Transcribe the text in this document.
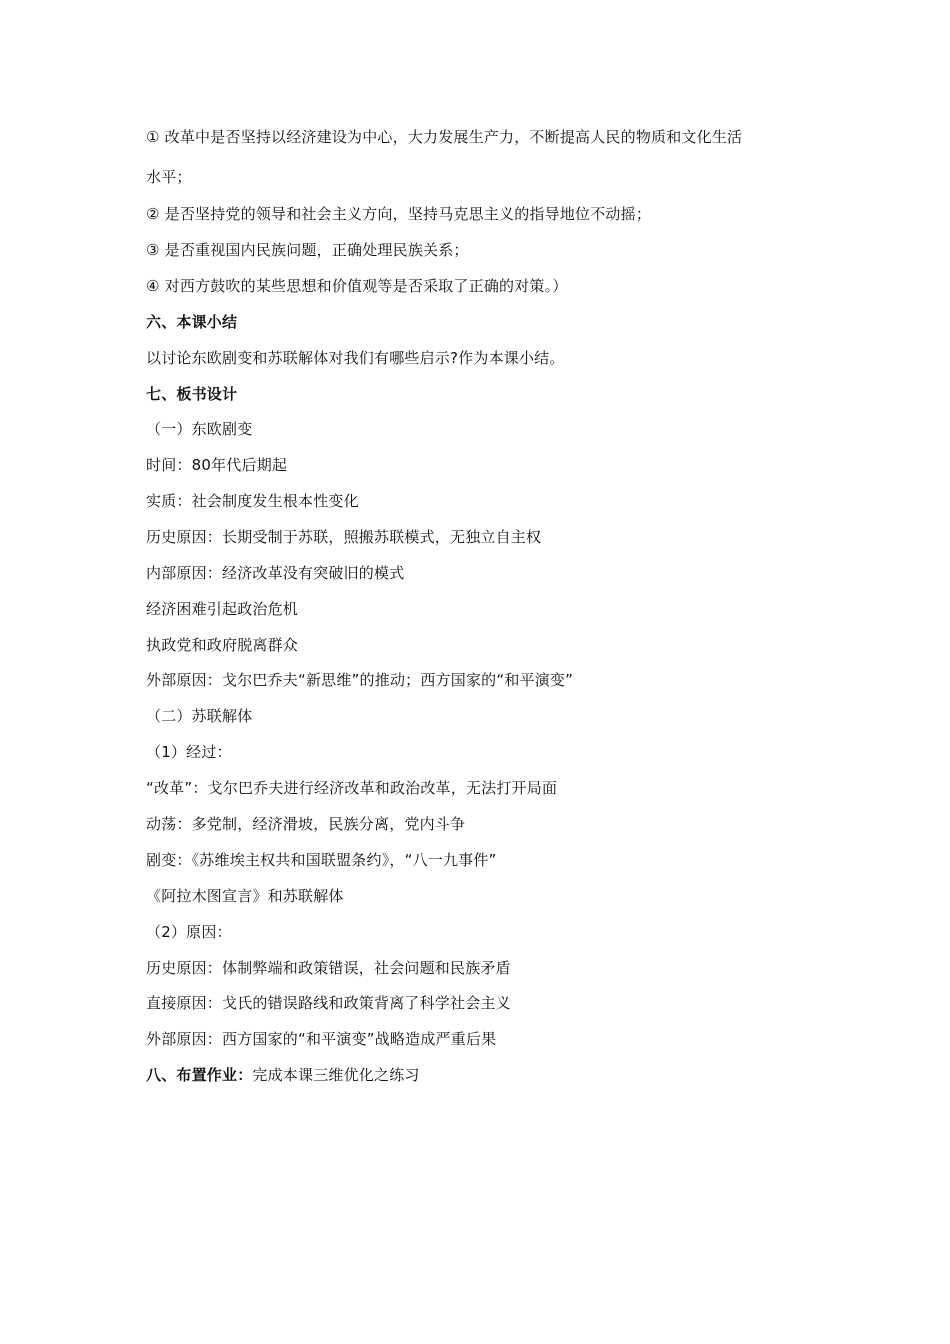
① 改革中是否坚持以经济建设为中心，大力发展生产力，不断提高人民的物质和文化生活
水平；
② 是否坚持党的领导和社会主义方向，坚持马克思主义的指导地位不动摇；
③ 是否重视国内民族问题，正确处理民族关系；
④ 对西方鼓吹的某些思想和价值观等是否采取了正确的对策。）
六、本课小结
以讨论东欧剧变和苏联解体对我们有哪些启示?作为本课小结。
七、板书设计
（一）东欧剧变
时间：80年代后期起
实质：社会制度发生根本性变化
历史原因：长期受制于苏联，照搬苏联模式，无独立自主权
内部原因：经济改革没有突破旧的模式
经济困难引起政治危机
执政党和政府脱离群众
外部原因：戈尔巴乔夫“新思维”的推动；西方国家的“和平演变”
（二）苏联解体
（1）经过：
“改革”：戈尔巴乔夫进行经济改革和政治改革，无法打开局面
动荡：多党制，经济滑坡，民族分离，党内斗争
剧变：《苏维埃主权共和国联盟条约》，“八一九事件”
《阿拉木图宣言》和苏联解体
（2）原因：
历史原因：体制弊端和政策错误，社会问题和民族矛盾
直接原因：戈氏的错误路线和政策背离了科学社会主义
外部原因：西方国家的“和平演变”战略造成严重后果
八、布置作业：完成本课三维优化之练习
